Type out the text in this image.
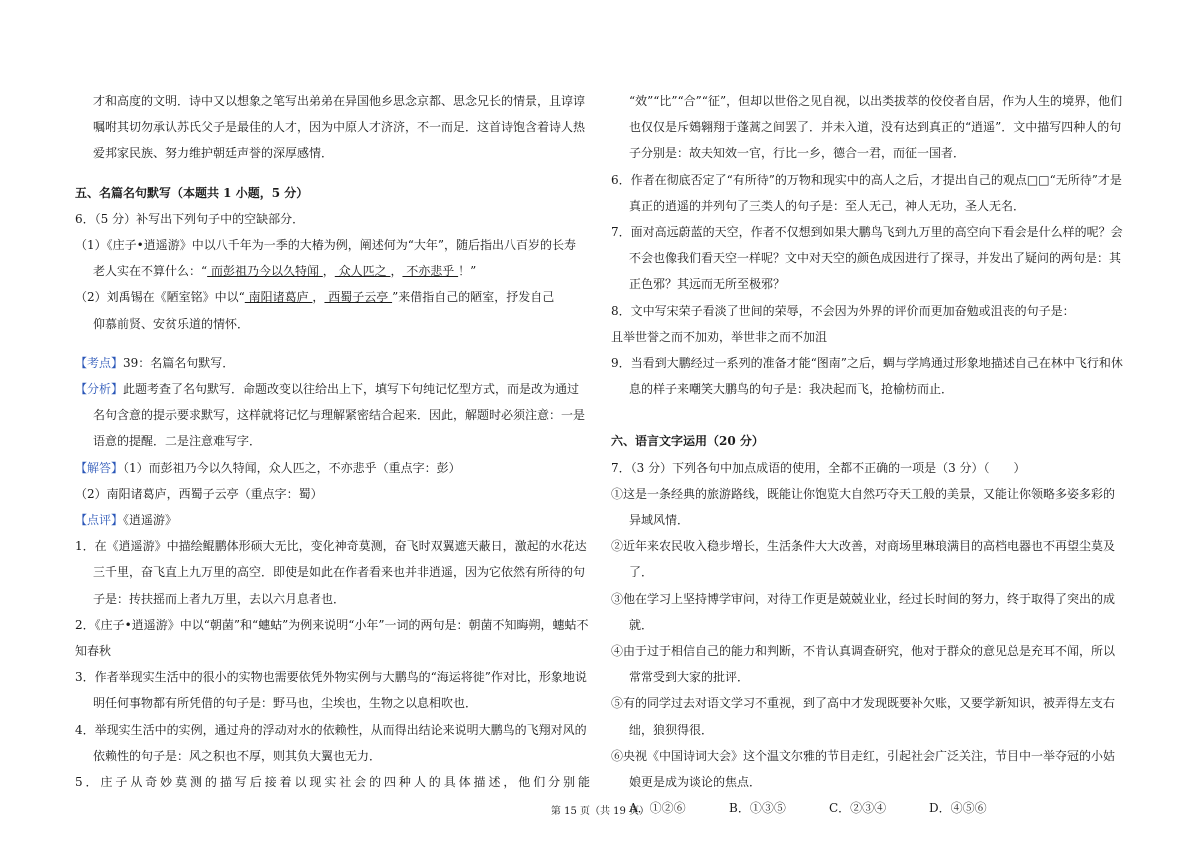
才和高度的文明．诗中又以想象之笔写出弟弟在异国他乡思念京都、思念兄长的情景，且谆谆

嘱咐其切勿承认苏氏父子是最佳的人才，因为中原人才济济，不一而足．这首诗饱含着诗人热

爱邦家民族、努力维护朝廷声誉的深厚感情．

五、名篇名句默写（本题共 1 小题，5 分）

6．（5 分）补写出下列句子中的空缺部分．

（1）《庄子•逍遥游》中以八千年为一季的大椿为例，阐述何为“大年”，随后指出八百岁的长寿

老人实在不算什么：“ 而彭祖乃今以久特闻 ， 众人匹之 ， 不亦悲乎 ！”

（2）刘禹锡在《陋室铭》中以“ 南阳诸葛庐 ， 西蜀子云亭 ”来借指自己的陋室，抒发自己

仰慕前贤、安贫乐道的情怀．

【考点】39：名篇名句默写．

【分析】此题考查了名句默写．命题改变以往给出上下，填写下句纯记忆型方式，而是改为通过

名句含意的提示要求默写，这样就将记忆与理解紧密结合起来．因此，解题时必须注意：一是

语意的提醒．二是注意难写字．

【解答】（1）而彭祖乃今以久特闻，众人匹之，不亦悲乎（重点字：彭）

（2）南阳诸葛庐，西蜀子云亭（重点字：蜀）

【点评】《逍遥游》

1．在《逍遥游》中描绘鲲鹏体形硕大无比，变化神奇莫测，奋飞时双翼遮天蔽日，激起的水花达

三千里，奋飞直上九万里的高空．即使是如此在作者看来也并非逍遥，因为它依然有所待的句

子是：抟扶摇而上者九万里，去以六月息者也．

2．《庄子•逍遥游》中以“朝菌”和“蟪蛄”为例来说明“小年”一词的两句是：朝菌不知晦朔，蟪蛄不

知春秋

3．作者举现实生活中的很小的实物也需要依凭外物实例与大鹏鸟的“海运将徙”作对比，形象地说

明任何事物都有所凭借的句子是：野马也，尘埃也，生物之以息相吹也．

4．举现实生活中的实例，通过舟的浮动对水的依赖性，从而得出结论来说明大鹏鸟的飞翔对风的

依赖性的句子是：风之积也不厚，则其负大翼也无力．

5．庄子从奇妙莫测的描写后接着以现实社会的四种人的具体描述，他们分别能

“效”“比”“合”“征”，但却以世俗之见自视，以出类拔萃的佼佼者自居，作为人生的境界，他们

也仅仅是斥鴳翱翔于蓬蒿之间罢了．并未入道，没有达到真正的“逍遥”．文中描写四种人的句

子分别是：故夫知效一官，行比一乡，德合一君，而征一国者．

6．作者在彻底否定了“有所待”的万物和现实中的高人之后，才提出自己的观点□□“无所待”才是

真正的逍遥的并列句了三类人的句子是：至人无己，神人无功，圣人无名．

7．面对高远蔚蓝的天空，作者不仅想到如果大鹏鸟飞到九万里的高空向下看会是什么样的呢？会

不会也像我们看天空一样呢？文中对天空的颜色成因进行了探寻，并发出了疑问的两句是：其

正色邪？其远而无所至极邪？

8．文中写宋荣子看淡了世间的荣辱，不会因为外界的评价而更加奋勉或沮丧的句子是：

且举世誉之而不加劝，举世非之而不加沮

9．当看到大鹏经过一系列的准备才能“图南”之后，蜩与学鸠通过形象地描述自己在林中飞行和休

息的样子来嘲笑大鹏鸟的句子是：我决起而飞，抢榆枋而止．

六、语言文字运用（20 分）

7．（3 分）下列各句中加点成语的使用，全都不正确的一项是（3 分）（　　）

①这是一条经典的旅游路线，既能让你饱览大自然巧夺天工般的美景，又能让你领略多姿多彩的

异域风情．

②近年来农民收入稳步增长，生活条件大大改善，对商场里琳琅满目的高档电器也不再望尘莫及

了．

③他在学习上坚持博学审问，对待工作更是兢兢业业，经过长时间的努力，终于取得了突出的成

就．

④由于过于相信自己的能力和判断，不肯认真调查研究，他对于群众的意见总是充耳不闻，所以

常常受到大家的批评．

⑤有的同学过去对语文学习不重视，到了高中才发现既要补欠账，又要学新知识，被弄得左支右

绌，狼狈得很．

⑥央视《中国诗词大会》这个温文尔雅的节目走红，引起社会广泛关注，节目中一举夺冠的小姑

娘更是成为谈论的焦点．

A．①②⑥	B．①③⑤	C．②③④	D．④⑤⑥

第 15 页（共 19 页）
